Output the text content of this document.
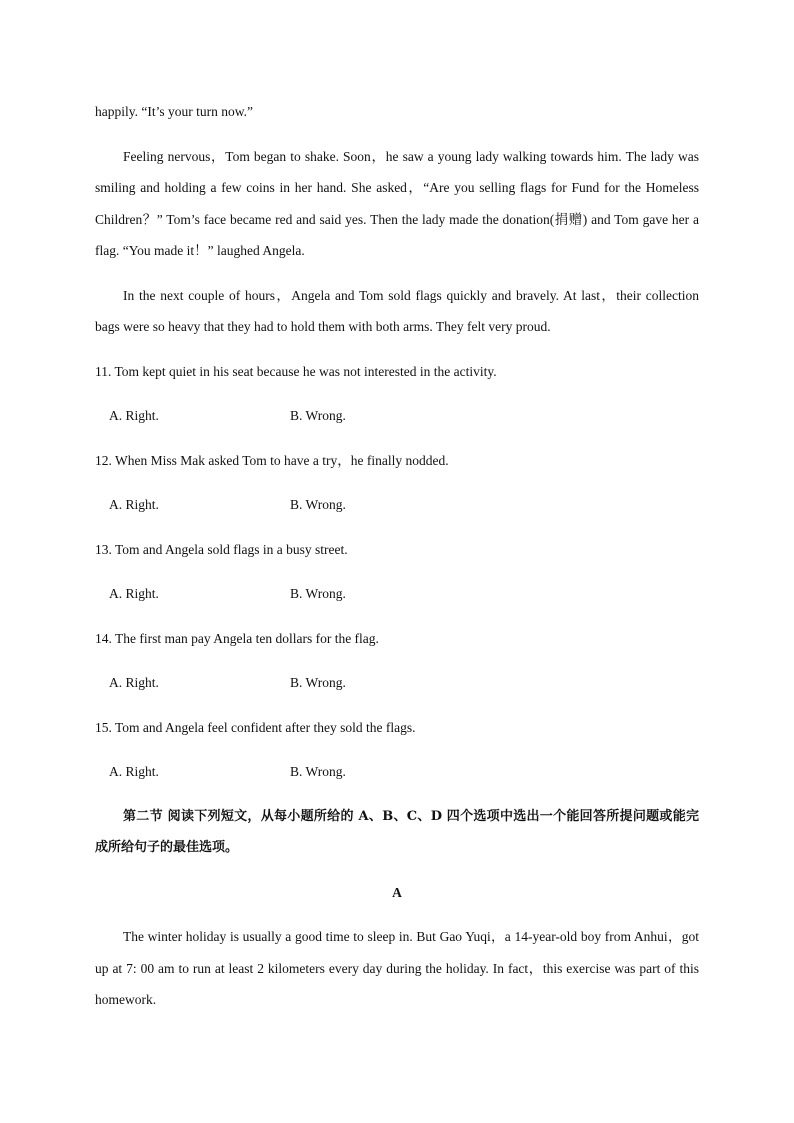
happily. “It’s your turn now.”

Feeling nervous，Tom began to shake. Soon，he saw a young lady walking towards him. The lady was smiling and holding a few coins in her hand. She asked，“Are you selling flags for Fund for the Homeless Children？” Tom’s face became red and said yes. Then the lady made the donation(捐赠) and Tom gave her a flag. “You made it！” laughed Angela.

In the next couple of hours，Angela and Tom sold flags quickly and bravely. At last，their collection bags were so heavy that they had to hold them with both arms. They felt very proud.

11. Tom kept quiet in his seat because he was not interested in the activity.
A. Right.	B. Wrong.
12. When Miss Mak asked Tom to have a try，he finally nodded.
A. Right.	B. Wrong.
13. Tom and Angela sold flags in a busy street.
A. Right.	B. Wrong.
14. The first man pay Angela ten dollars for the flag.
A. Right.	B. Wrong.
15. Tom and Angela feel confident after they sold the flags.
A. Right.	B. Wrong.

第二节 阅读下列短文，从每小题所给的 A、B、C、D 四个选项中选出一个能回答所提问题或能完成所给句子的最佳选项。

A

The winter holiday is usually a good time to sleep in. But Gao Yuqi，a 14-year-old boy from Anhui，got up at 7: 00 am to run at least 2 kilometers every day during the holiday. In fact，this exercise was part of this homework.
